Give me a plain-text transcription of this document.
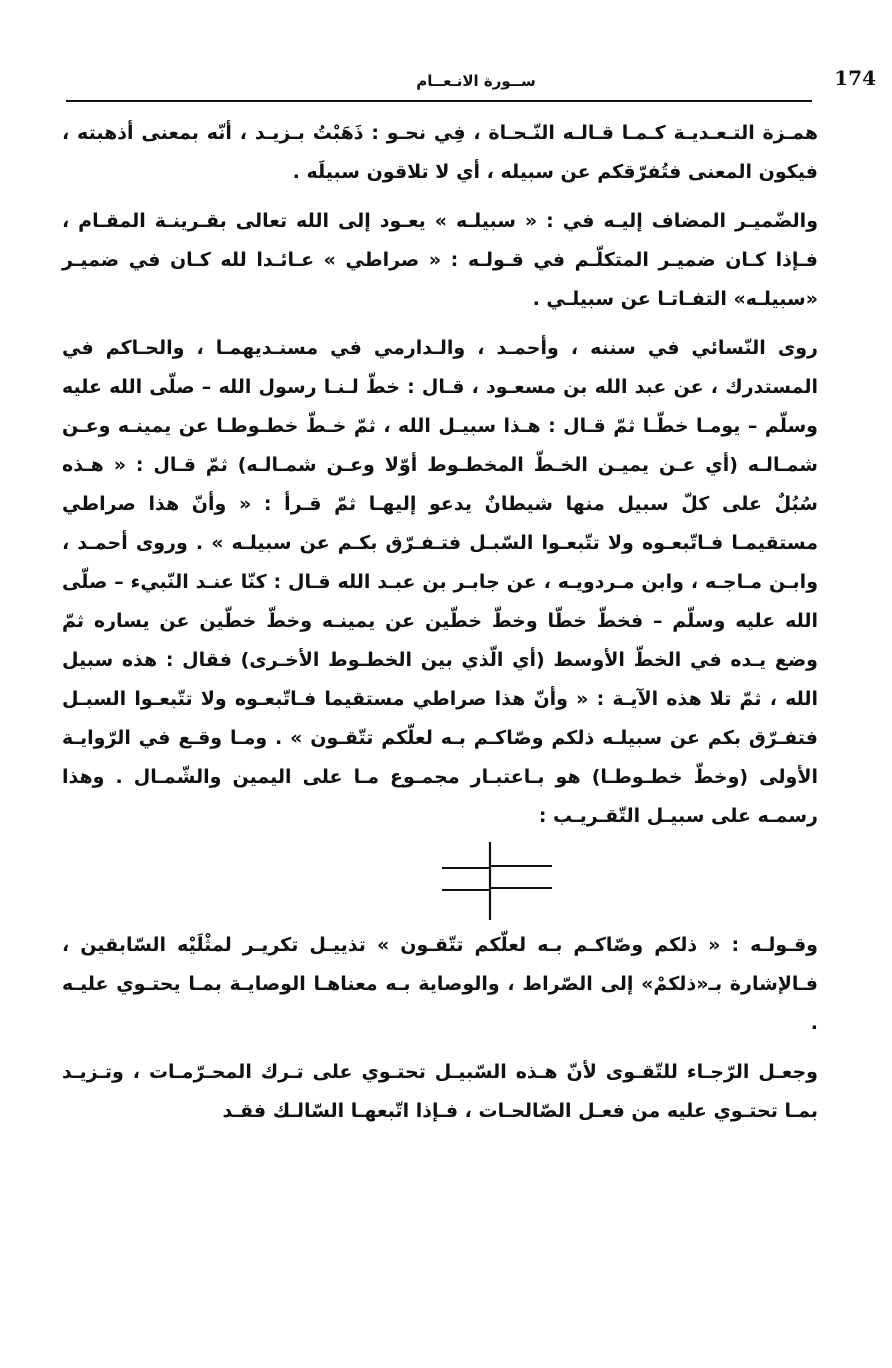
174
ســورة الانـعــام

همـزة التـعـديـة كـمـا قـالـه النّـحـاة ، فِي نحـو : ذَهَبْتُ بـزيـد ، أنّه بمعنى أذهبته ، فيكون المعنى فتُفرّقكم عن سبيله ، أي لا تلاقون سبيلَه .

والضّميـر المضاف إليـه في : « سبيلـه » يعـود إلى الله تعالى بقـرينـة المقـام ، فـإذا كـان ضميـر المتكلّـم في قـولـه : « صراطي » عـائـدا لله كـان في ضميـر «سبيلـه» التفـاتـا عن سبيلـي .

روى النّسائي في سننه ، وأحمـد ، والـدارمي في مسنـديهمـا ، والحـاكم في المستدرك ، عن عبد الله بن مسعـود ، قـال : خطّ لـنـا رسول الله – صلّى الله عليه وسلّم – يومـا خطّـا ثمّ قـال : هـذا سبيـل الله ، ثمّ خـطّ خطـوطـا عن يمينـه وعـن شمـالـه (أي عـن يميـن الخـطّ المخطـوط أوّلا وعـن شمـالـه) ثمّ قـال : « هـذه سُبُلٌ على كلّ سبيل منها شيطانٌ يدعو إليهـا ثمّ قـرأ : « وأنّ هذا صراطي مستقيمـا فـاتّبعـوه ولا تتّبعـوا السّبـل فتـفـرّق بكـم عن سبيلـه » . وروى أحمـد ، وابـن مـاجـه ، وابن مـردويـه ، عن جابـر بن عبـد الله قـال : كنّا عنـد النّبيء – صلّى الله عليه وسلّم – فخطّ خطّا وخطّ خطّين عن يمينـه وخطّ خطّين عن يساره ثمّ وضع يـده في الخطّ الأوسط (أي الّذي بين الخطـوط الأخـرى) فقال : هذه سبيل الله ، ثمّ تلا هذه الآيـة : « وأنّ هذا صراطي مستقيما فـاتّبعـوه ولا تتّبعـوا السبـل فتفـرّق بكم عن سبيلـه ذلكم وصّاكـم بـه لعلّكم تتّقـون » . ومـا وقـع في الرّوايـة الأولى (وخطّ خطـوطـا) هو بـاعتبـار مجمـوع مـا على اليمين والشّمـال . وهذا رسمـه على سبيـل التّقـريـب :

وقـولـه : « ذلكم وصّاكـم بـه لعلّكم تتّقـون » تذييـل تكريـر لمثْلَيْه السّابقين ، فـالإشارة بـ«ذلكمْ» إلى الصّراط ، والوصاية بـه معناهـا الوصايـة بمـا يحتـوي عليـه .

وجعـل الرّجـاء للتّقـوى لأنّ هـذه السّبيـل تحتـوي على تـرك المحـرّمـات ، وتـزيـد بمـا تحتـوي عليه من فعـل الصّالحـات ، فـإذا اتّبعهـا السّالـك فقـد
